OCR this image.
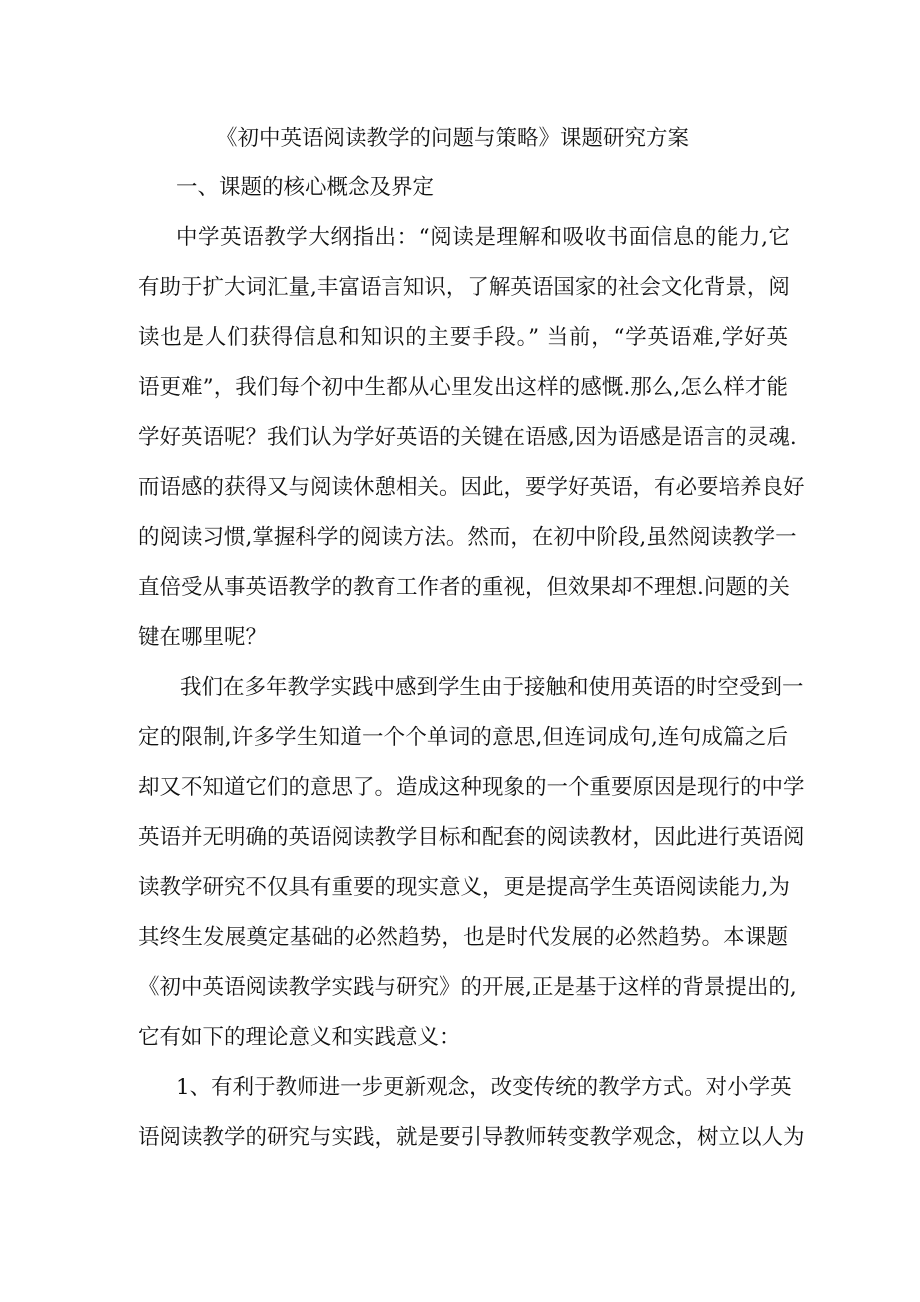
《初中英语阅读教学的问题与策略》课题研究方案
一、课题的核心概念及界定
中学英语教学大纲指出：“阅读是理解和吸收书面信息的能力,它
有助于扩大词汇量,丰富语言知识，了解英语国家的社会文化背景，阅
读也是人们获得信息和知识的主要手段。” 当前，“学英语难,学好英
语更难”，我们每个初中生都从心里发出这样的感慨.那么,怎么样才能
学好英语呢？我们认为学好英语的关键在语感,因为语感是语言的灵魂.
而语感的获得又与阅读休憩相关。因此，要学好英语，有必要培养良好
的阅读习惯,掌握科学的阅读方法。然而，在初中阶段,虽然阅读教学一
直倍受从事英语教学的教育工作者的重视，但效果却不理想.问题的关
键在哪里呢？
我们在多年教学实践中感到学生由于接触和使用英语的时空受到一
定的限制,许多学生知道一个个单词的意思,但连词成句,连句成篇之后
却又不知道它们的意思了。造成这种现象的一个重要原因是现行的中学
英语并无明确的英语阅读教学目标和配套的阅读教材，因此进行英语阅
读教学研究不仅具有重要的现实意义，更是提高学生英语阅读能力,为
其终生发展奠定基础的必然趋势，也是时代发展的必然趋势。本课题
《初中英语阅读教学实践与研究》的开展,正是基于这样的背景提出的,
它有如下的理论意义和实践意义：
1、有利于教师进一步更新观念，改变传统的教学方式。对小学英
语阅读教学的研究与实践，就是要引导教师转变教学观念，树立以人为
